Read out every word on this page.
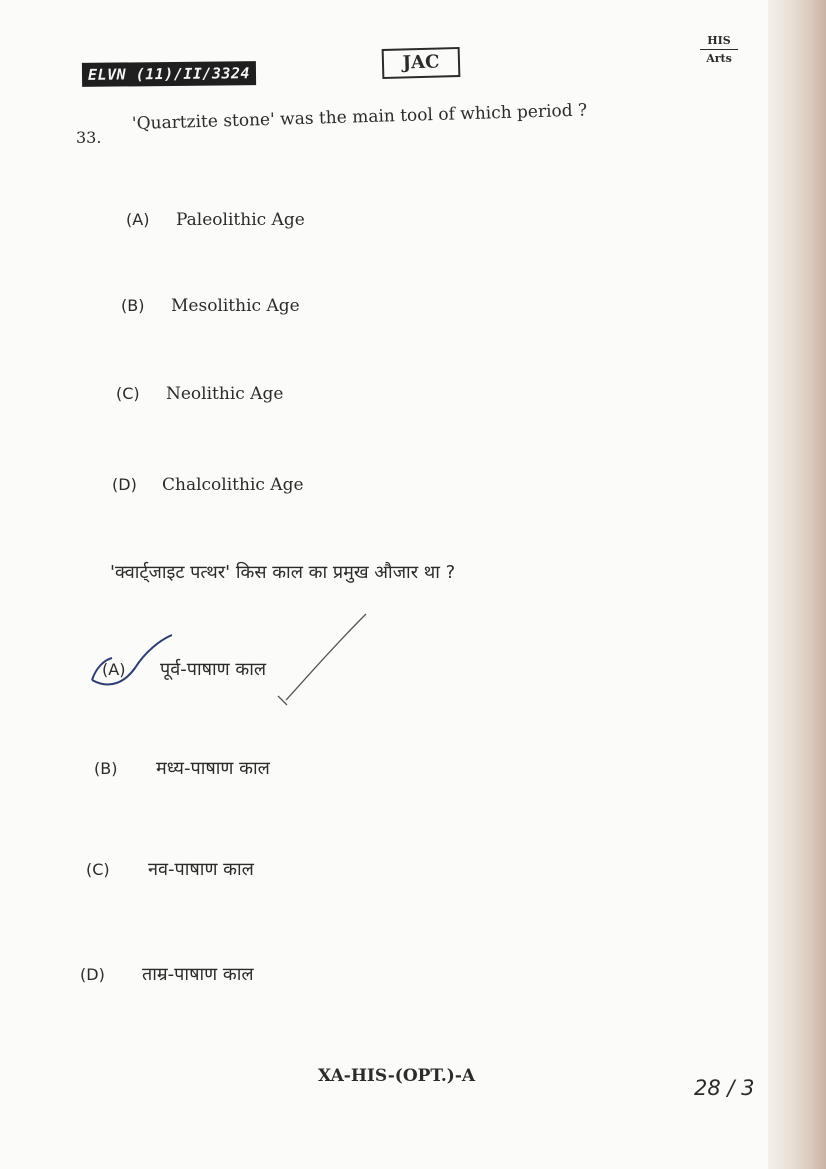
ELVN (11)/II/3324
JAC
HIS
Arts
33.
'Quartzite stone' was the main tool of which period ?
(A) Paleolithic Age
(B) Mesolithic Age
(C) Neolithic Age
(D) Chalcolithic Age
'क्वार्ट्जाइट पत्थर' किस काल का प्रमुख औजार था ?
(A) पूर्व-पाषाण काल
(B) मध्य-पाषाण काल
(C) नव-पाषाण काल
(D) ताम्र-पाषाण काल
XA-HIS-(OPT.)-A	28 / 3
